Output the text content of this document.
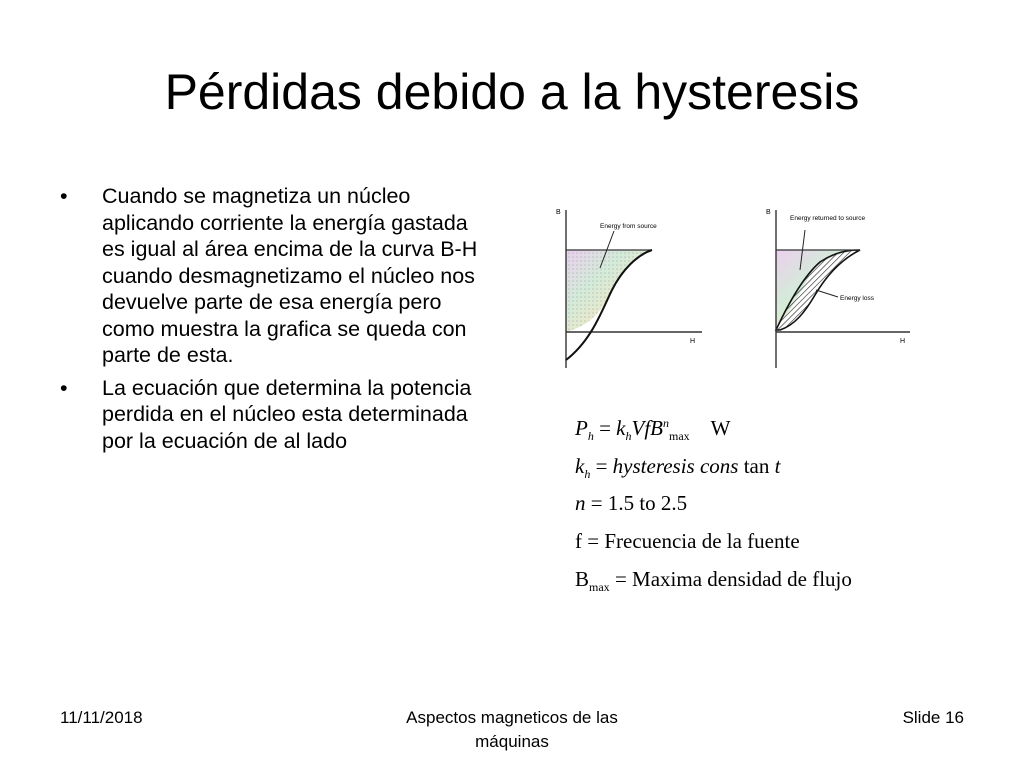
Pérdidas debido a la hysteresis
• Cuando se magnetiza un núcleo aplicando corriente la energía gastada es igual al área encima de la curva B-H cuando desmagnetizamo el núcleo nos devuelve parte de esa energía pero como muestra la grafica se queda con parte de esta.
• La ecuación que determina la potencia perdida en el núcleo esta determinada por la ecuación de al lado
B
H
Energy from source
B
H
Energy returned to source
Energy loss
$P_h = k_hVfB^n_{max}$ W
$k_h$ = hysteresis cons tan t
n = 1.5 to 2.5
f = Frecuencia de la fuente
$B_{max}$ = Maxima densidad de flujo
11/11/2018	Aspectos magneticos de las
máquinas
Slide 16
